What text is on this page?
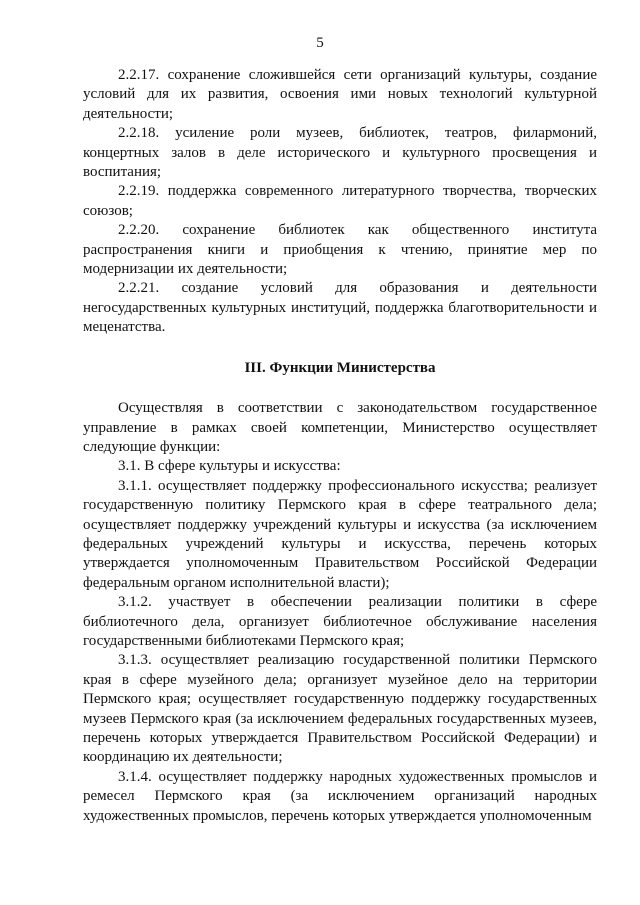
5

2.2.17. сохранение сложившейся сети организаций культуры, создание условий для их развития, освоения ими новых технологий культурной деятельности;

2.2.18. усиление роли музеев, библиотек, театров, филармоний, концертных залов в деле исторического и культурного просвещения и воспитания;

2.2.19. поддержка современного литературного творчества, творческих союзов;

2.2.20. сохранение библиотек как общественного института распространения книги и приобщения к чтению, принятие мер по модернизации их деятельности;

2.2.21. создание условий для образования и деятельности негосударственных культурных институций, поддержка благотворительности и меценатства.

III. Функции Министерства

Осуществляя в соответствии с законодательством государственное управление в рамках своей компетенции, Министерство осуществляет следующие функции:

3.1. В сфере культуры и искусства:

3.1.1. осуществляет поддержку профессионального искусства; реализует государственную политику Пермского края в сфере театрального дела; осуществляет поддержку учреждений культуры и искусства (за исключением федеральных учреждений культуры и искусства, перечень которых утверждается уполномоченным Правительством Российской Федерации федеральным органом исполнительной власти);

3.1.2. участвует в обеспечении реализации политики в сфере библиотечного дела, организует библиотечное обслуживание населения государственными библиотеками Пермского края;

3.1.3. осуществляет реализацию государственной политики Пермского края в сфере музейного дела; организует музейное дело на территории Пермского края; осуществляет государственную поддержку государственных музеев Пермского края (за исключением федеральных государственных музеев, перечень которых утверждается Правительством Российской Федерации) и координацию их деятельности;

3.1.4. осуществляет поддержку народных художественных промыслов и ремесел Пермского края (за исключением организаций народных художественных промыслов, перечень которых утверждается уполномоченным
